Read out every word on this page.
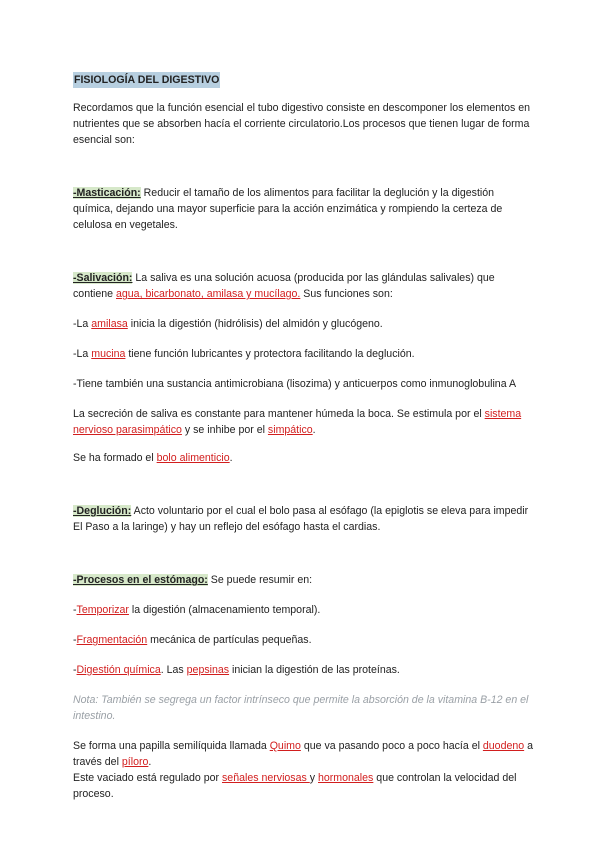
FISIOLOGÍA DEL DIGESTIVO

Recordamos que la función esencial el tubo digestivo consiste en descomponer los elementos en nutrientes que se absorben hacía el corriente circulatorio.Los procesos que tienen lugar de forma esencial son:

-Masticación: Reducir el tamaño de los alimentos para facilitar la deglución y la digestión química, dejando una mayor superficie para la acción enzimática y rompiendo la certeza de celulosa en vegetales.

-Salivación: La saliva es una solución acuosa (producida por las glándulas salivales) que contiene agua, bicarbonato, amilasa y mucílago. Sus funciones son:

-La amilasa inicia la digestión (hidrólisis) del almidón y glucógeno.

-La mucina tiene función lubricantes y protectora facilitando la deglución.

-Tiene también una sustancia antimicrobiana (lisozima) y anticuerpos como inmunoglobulina A

La secreción de saliva es constante para mantener húmeda la boca. Se estimula por el sistema nervioso parasimpático y se inhibe por el simpático.

Se ha formado el bolo alimenticio.

-Deglución: Acto voluntario por el cual el bolo pasa al esófago (la epiglotis se eleva para impedir El Paso a la laringe) y hay un reflejo del esófago hasta el cardias.

-Procesos en el estómago: Se puede resumir en:

-Temporizar la digestión (almacenamiento temporal).

-Fragmentación mecánica de partículas pequeñas.

-Digestión química. Las pepsinas inician la digestión de las proteínas.

Nota: También se segrega un factor intrínseco que permite la absorción de la vitamina B-12 en el intestino.

Se forma una papilla semilíquida llamada Quimo que va pasando poco a poco hacía el duodeno a través del píloro.

Este vaciado está regulado por señales nerviosas y hormonales que controlan la velocidad del proceso.
